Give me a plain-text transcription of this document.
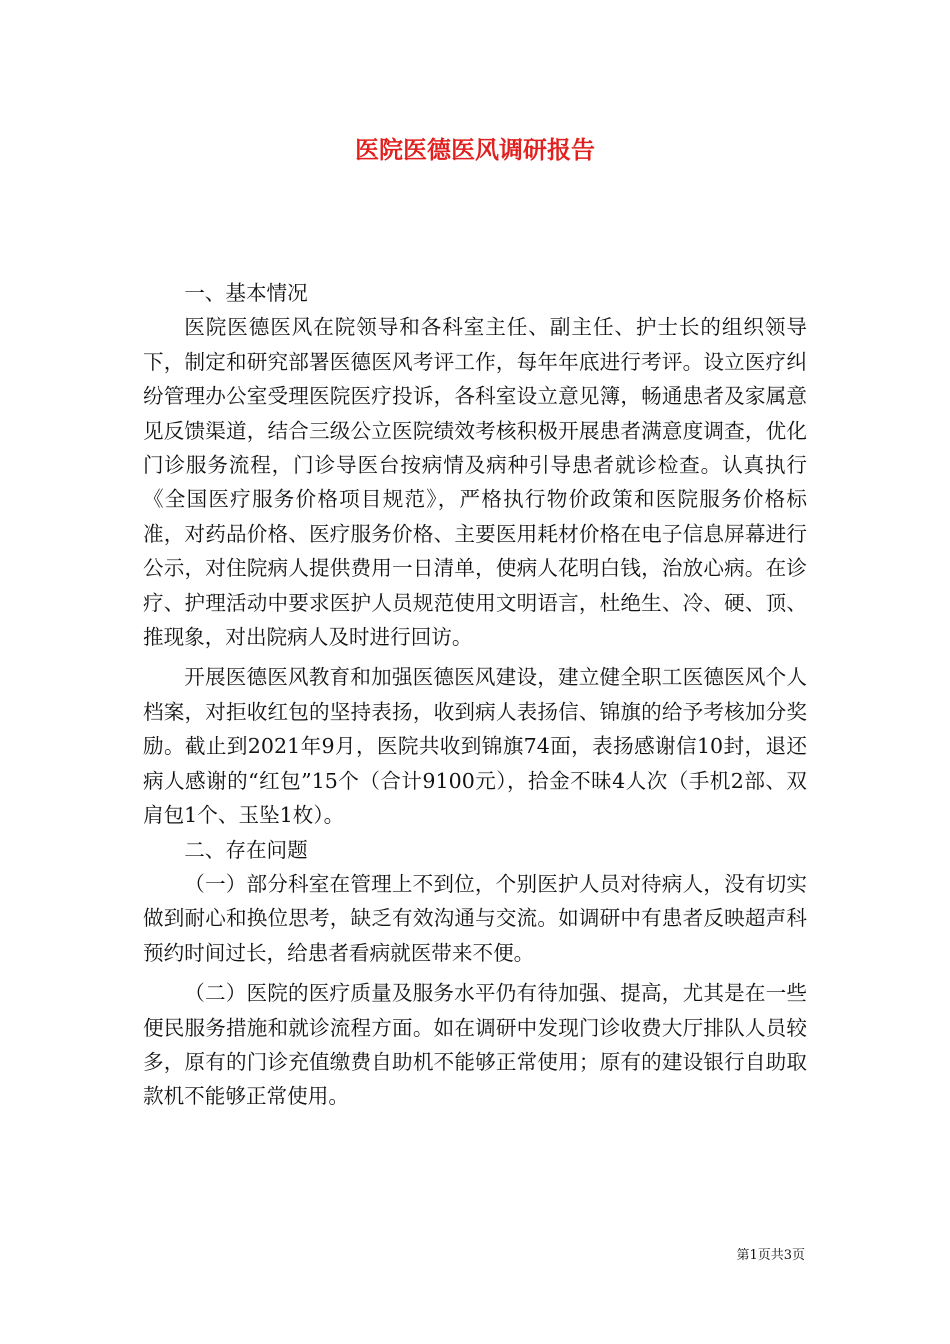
医院医德医风调研报告

一、基本情况

医院医德医风在院领导和各科室主任、副主任、护士长的组织领导下，制定和研究部署医德医风考评工作，每年年底进行考评。设立医疗纠纷管理办公室受理医院医疗投诉，各科室设立意见簿，畅通患者及家属意见反馈渠道，结合三级公立医院绩效考核积极开展患者满意度调查，优化门诊服务流程，门诊导医台按病情及病种引导患者就诊检查。认真执行《全国医疗服务价格项目规范》，严格执行物价政策和医院服务价格标准，对药品价格、医疗服务价格、主要医用耗材价格在电子信息屏幕进行公示，对住院病人提供费用一日清单，使病人花明白钱，治放心病。在诊疗、护理活动中要求医护人员规范使用文明语言，杜绝生、冷、硬、顶、推现象，对出院病人及时进行回访。

开展医德医风教育和加强医德医风建设，建立健全职工医德医风个人档案，对拒收红包的坚持表扬，收到病人表扬信、锦旗的给予考核加分奖励。截止到2021年9月，医院共收到锦旗74面，表扬感谢信10封，退还病人感谢的“红包”15个（合计9100元），拾金不昧4人次（手机2部、双肩包1个、玉坠1枚）。

二、存在问题

（一）部分科室在管理上不到位，个别医护人员对待病人，没有切实做到耐心和换位思考，缺乏有效沟通与交流。如调研中有患者反映超声科预约时间过长，给患者看病就医带来不便。

（二）医院的医疗质量及服务水平仍有待加强、提高，尤其是在一些便民服务措施和就诊流程方面。如在调研中发现门诊收费大厅排队人员较多，原有的门诊充值缴费自助机不能够正常使用；原有的建设银行自助取款机不能够正常使用。

第1页共3页
